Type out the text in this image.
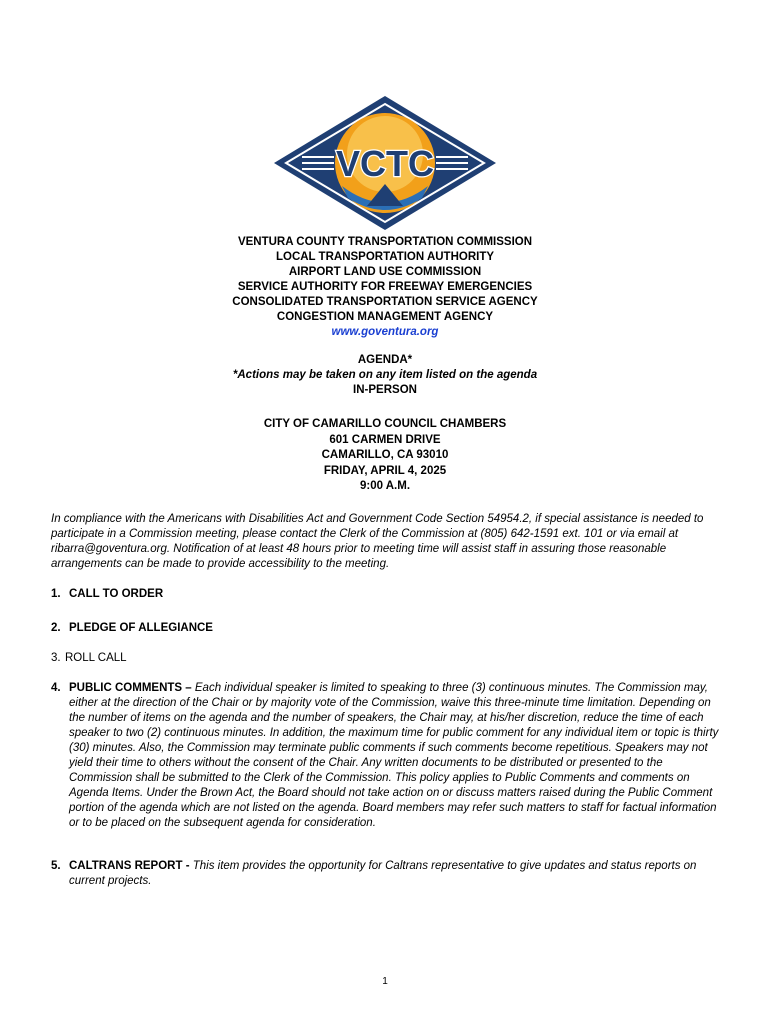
VCTC
VENTURA COUNTY TRANSPORTATION COMMISSION
LOCAL TRANSPORTATION AUTHORITY
AIRPORT LAND USE COMMISSION
SERVICE AUTHORITY FOR FREEWAY EMERGENCIES
CONSOLIDATED TRANSPORTATION SERVICE AGENCY
CONGESTION MANAGEMENT AGENCY
www.goventura.org
AGENDA*
*Actions may be taken on any item listed on the agenda
IN-PERSON
CITY OF CAMARILLO COUNCIL CHAMBERS
601 CARMEN DRIVE
CAMARILLO, CA 93010
FRIDAY, APRIL 4, 2025
9:00 A.M.
In compliance with the Americans with Disabilities Act and Government Code Section 54954.2, if special assistance is needed to participate in a Commission meeting, please contact the Clerk of the Commission at (805) 642-1591 ext. 101 or via email at ribarra@goventura.org. Notification of at least 48 hours prior to meeting time will assist staff in assuring those reasonable arrangements can be made to provide accessibility to the meeting.
1. CALL TO ORDER
2. PLEDGE OF ALLEGIANCE
3. ROLL CALL
4. PUBLIC COMMENTS – Each individual speaker is limited to speaking to three (3) continuous minutes. The Commission may, either at the direction of the Chair or by majority vote of the Commission, waive this three-minute time limitation. Depending on the number of items on the agenda and the number of speakers, the Chair may, at his/her discretion, reduce the time of each speaker to two (2) continuous minutes. In addition, the maximum time for public comment for any individual item or topic is thirty (30) minutes. Also, the Commission may terminate public comments if such comments become repetitious. Speakers may not yield their time to others without the consent of the Chair. Any written documents to be distributed or presented to the Commission shall be submitted to the Clerk of the Commission. This policy applies to Public Comments and comments on Agenda Items. Under the Brown Act, the Board should not take action on or discuss matters raised during the Public Comment portion of the agenda which are not listed on the agenda. Board members may refer such matters to staff for factual information or to be placed on the subsequent agenda for consideration.
5. CALTRANS REPORT - This item provides the opportunity for Caltrans representative to give updates and status reports on current projects.
1
